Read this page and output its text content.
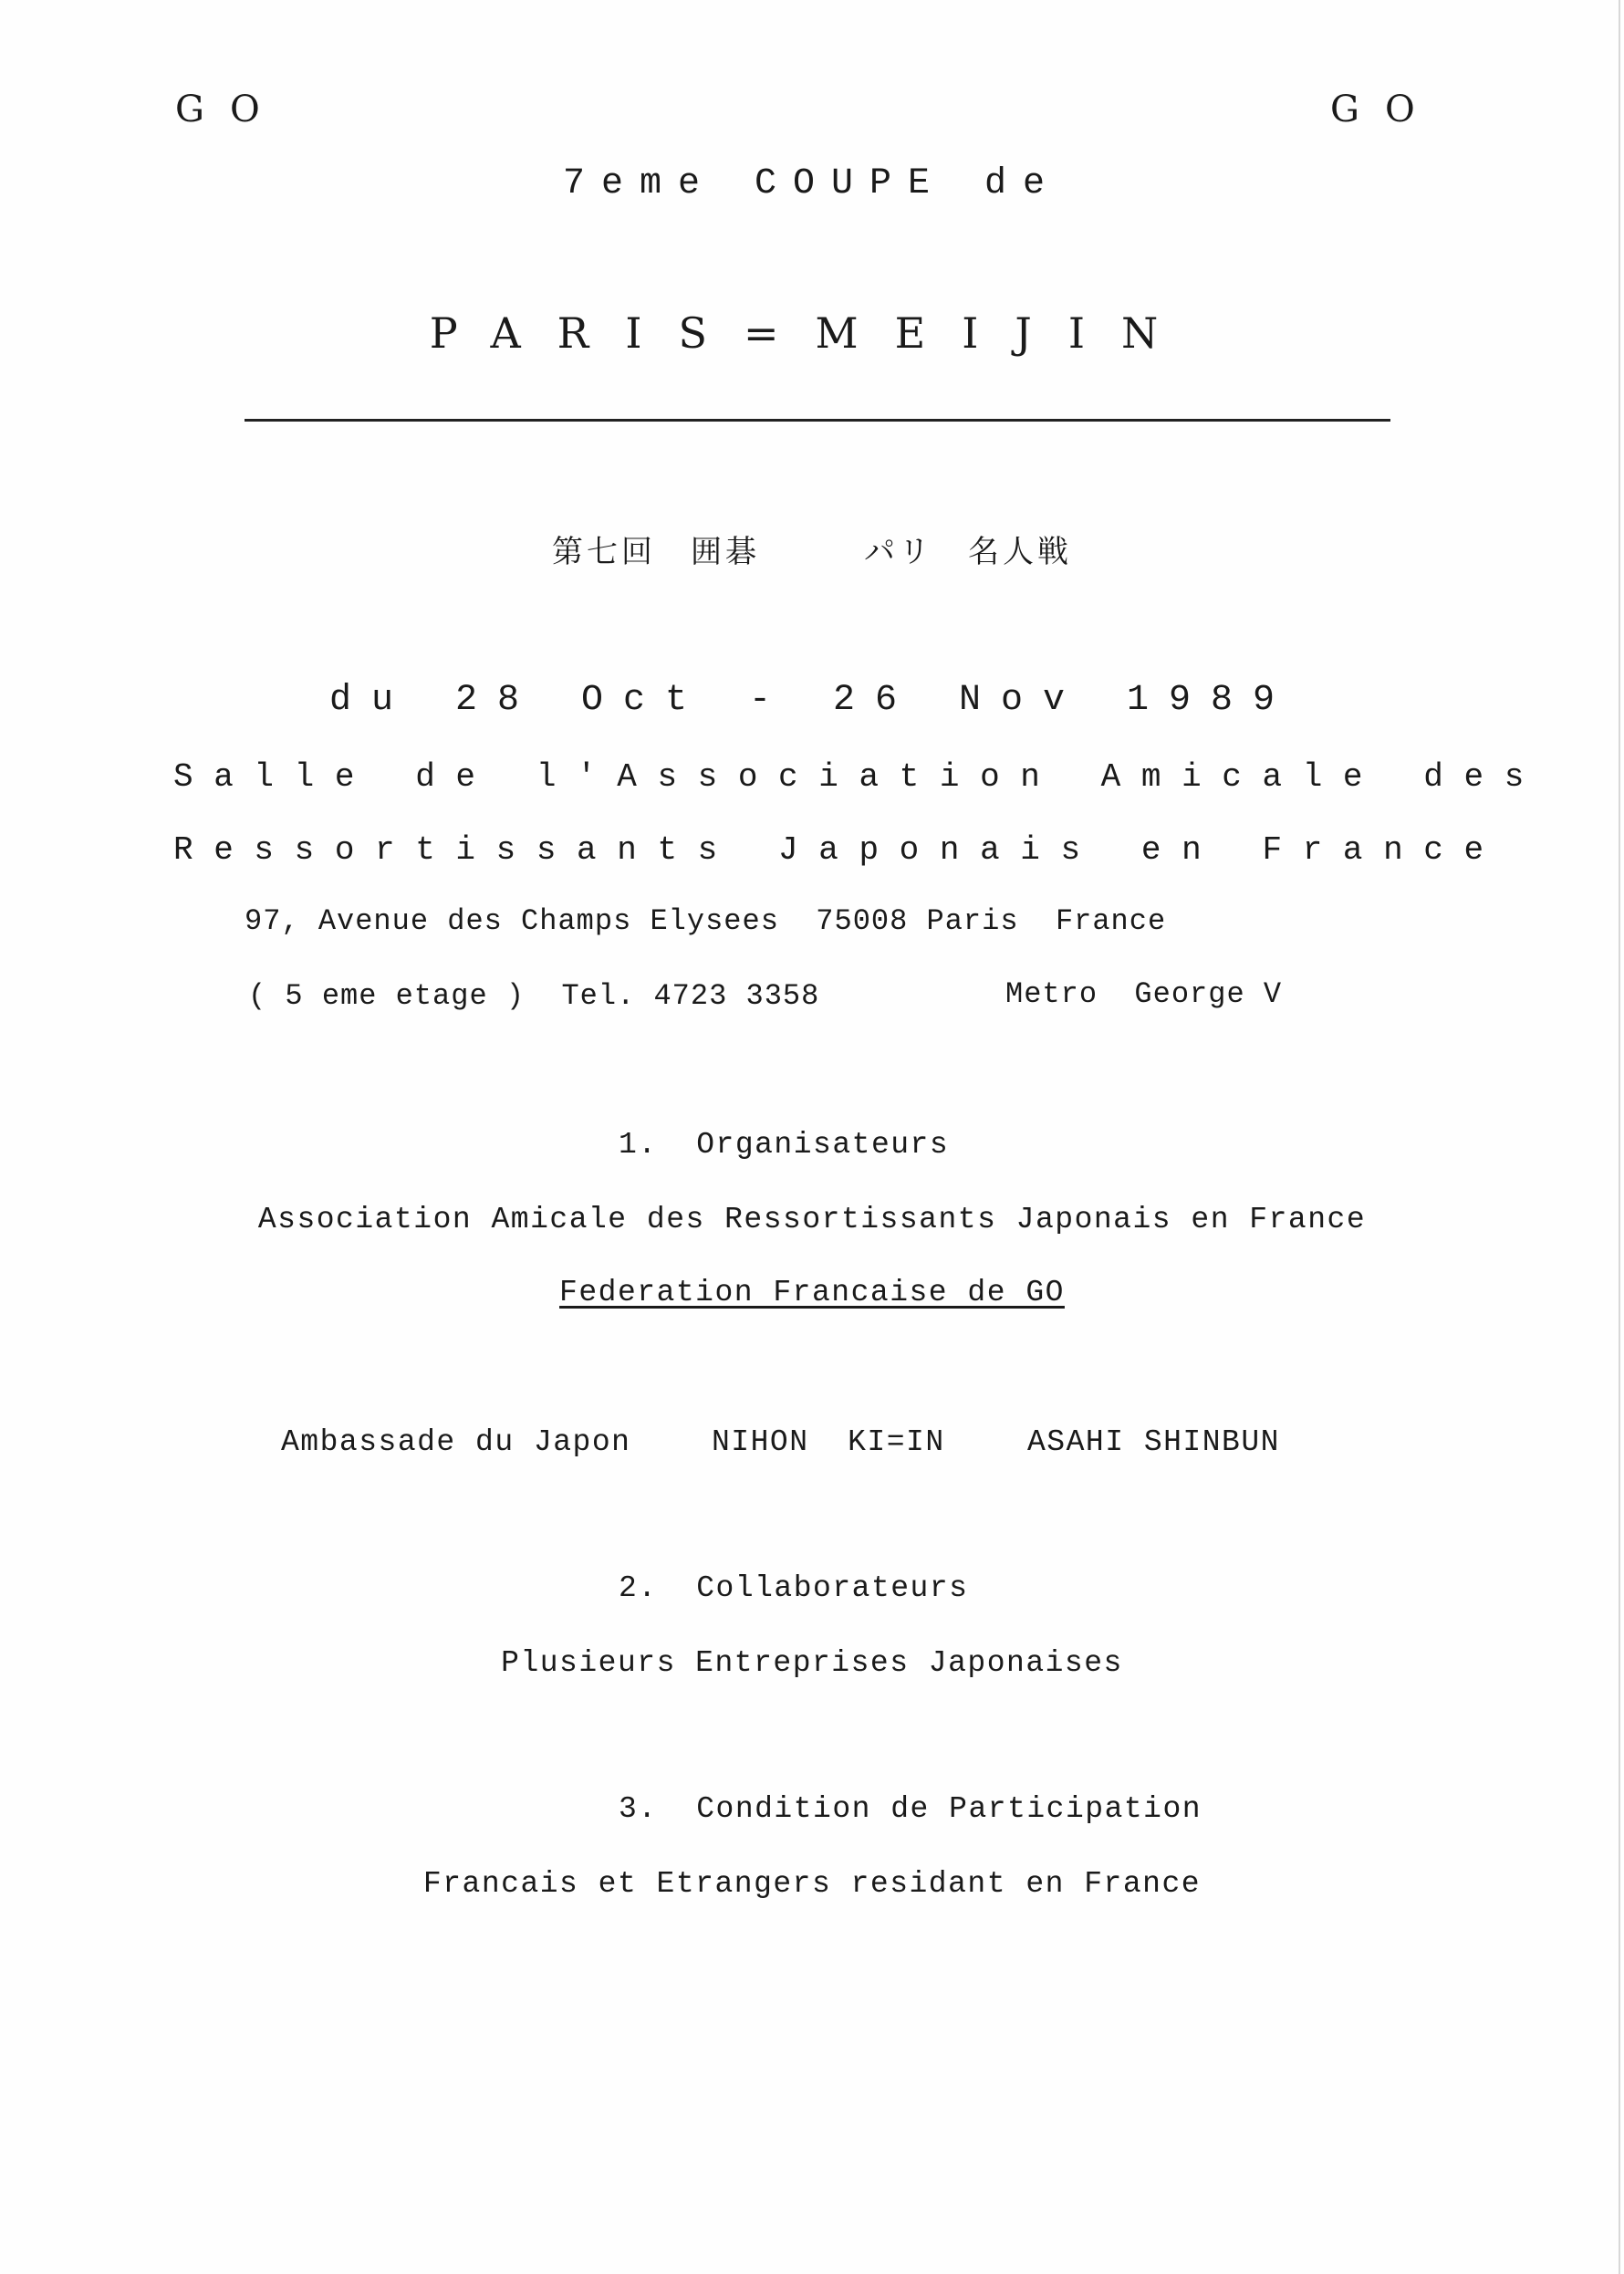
GO	GO
7eme COUPE de
PARIS=MEIJIN
第七回　囲碁　　　パリ　名人戦
du 28 Oct - 26 Nov 1989
Salle de l'Association Amicale des
Ressortissants Japonais en France
97, Avenue des Champs Elysees  75008 Paris  France
( 5 eme etage )  Tel. 4723 3358	Metro  George V
1.  Organisateurs
Association Amicale des Ressortissants Japonais en France
Federation Francaise de GO
Ambassade du Japon	NIHON  KI=IN	ASAHI SHINBUN
2.  Collaborateurs
Plusieurs Entreprises Japonaises
3.  Condition de Participation
Francais et Etrangers residant en France
